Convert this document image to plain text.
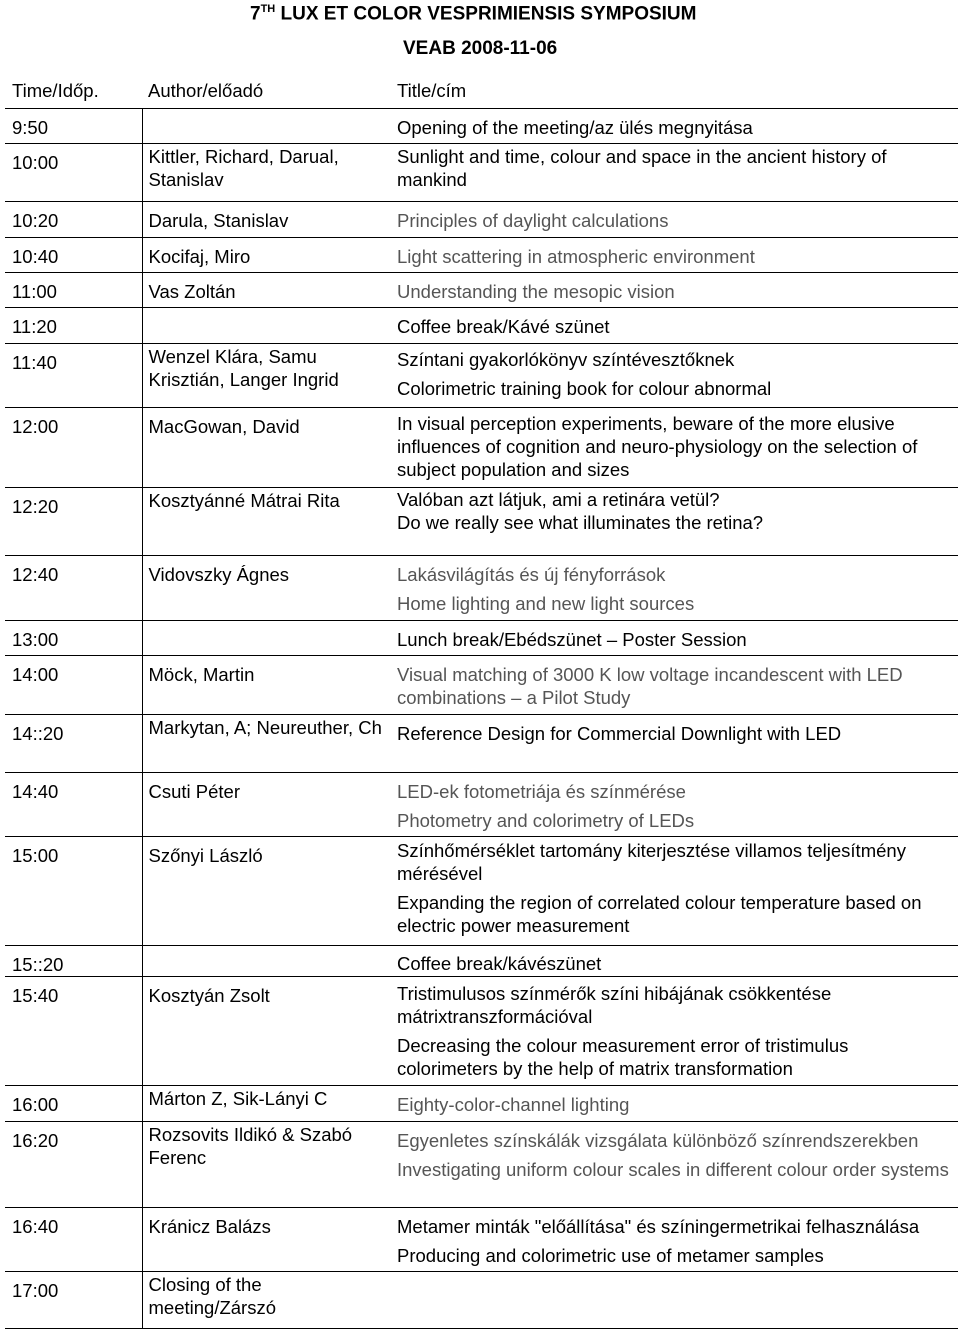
7TH LUX ET COLOR VESPRIMIENSIS SYMPOSIUM
VEAB 2008-11-06
Time/Időp.	Author/előadó	Title/cím
9:50		Opening of the meeting/az ülés megnyitása

10:00	Kittler, Richard, Darual, Stanislav	Sunlight and time, colour and space in the ancient history of mankind

10:20	Darula, Stanislav	Principles of daylight calculations

10:40	Kocifaj, Miro	Light scattering in atmospheric environment

11:00	Vas Zoltán	Understanding the mesopic vision

11:20		Coffee break/Kávé szünet

11:40	Wenzel Klára, Samu Krisztián, Langer Ingrid	Színtani gyakorlókönyv színtévesztőknek
Colorimetric training book for colour abnormal

12:00	MacGowan, David	In visual perception experiments, beware of the more elusive influences of cognition and neuro-physiology on the selection of subject population and sizes

12:20	Kosztyánné Mátrai Rita	Valóban azt látjuk, ami a retinára vetül?
Do we really see what illuminates the retina?

12:40	Vidovszky Ágnes	Lakásvilágítás és új fényforrások
Home lighting and new light sources

13:00		Lunch break/Ebédszünet – Poster Session

14:00	Möck, Martin	Visual matching of 3000 K low voltage incandescent with LED combinations – a Pilot Study

14::20	Markytan, A; Neureuther, Ch	Reference Design for Commercial Downlight with LED

14:40	Csuti Péter	LED-ek fotometriája és színmérése
Photometry and colorimetry of LEDs

15:00	Szőnyi László	Színhőmérséklet tartomány kiterjesztése villamos teljesítmény mérésével
Expanding the region of correlated colour temperature based on electric power measurement

15::20		Coffee break/kávészünet

15:40	Kosztyán Zsolt	Tristimulusos színmérők színi hibájának csökkentése mátrixtranszformációval
Decreasing the colour measurement error of tristimulus colorimeters by the help of matrix transformation

16:00	Márton Z, Sik-Lányi C	Eighty-color-channel lighting

16:20	Rozsovits Ildikó & Szabó Ferenc	Egyenletes színskálák vizsgálata különböző színrendszerekben
Investigating uniform colour scales in different colour order systems

16:40	Kránicz Balázs	Metamer minták "előállítása" és színingermetrikai felhasználása
Producing and colorimetric use of metamer samples

17:00	Closing of the meeting/Zárszó	
